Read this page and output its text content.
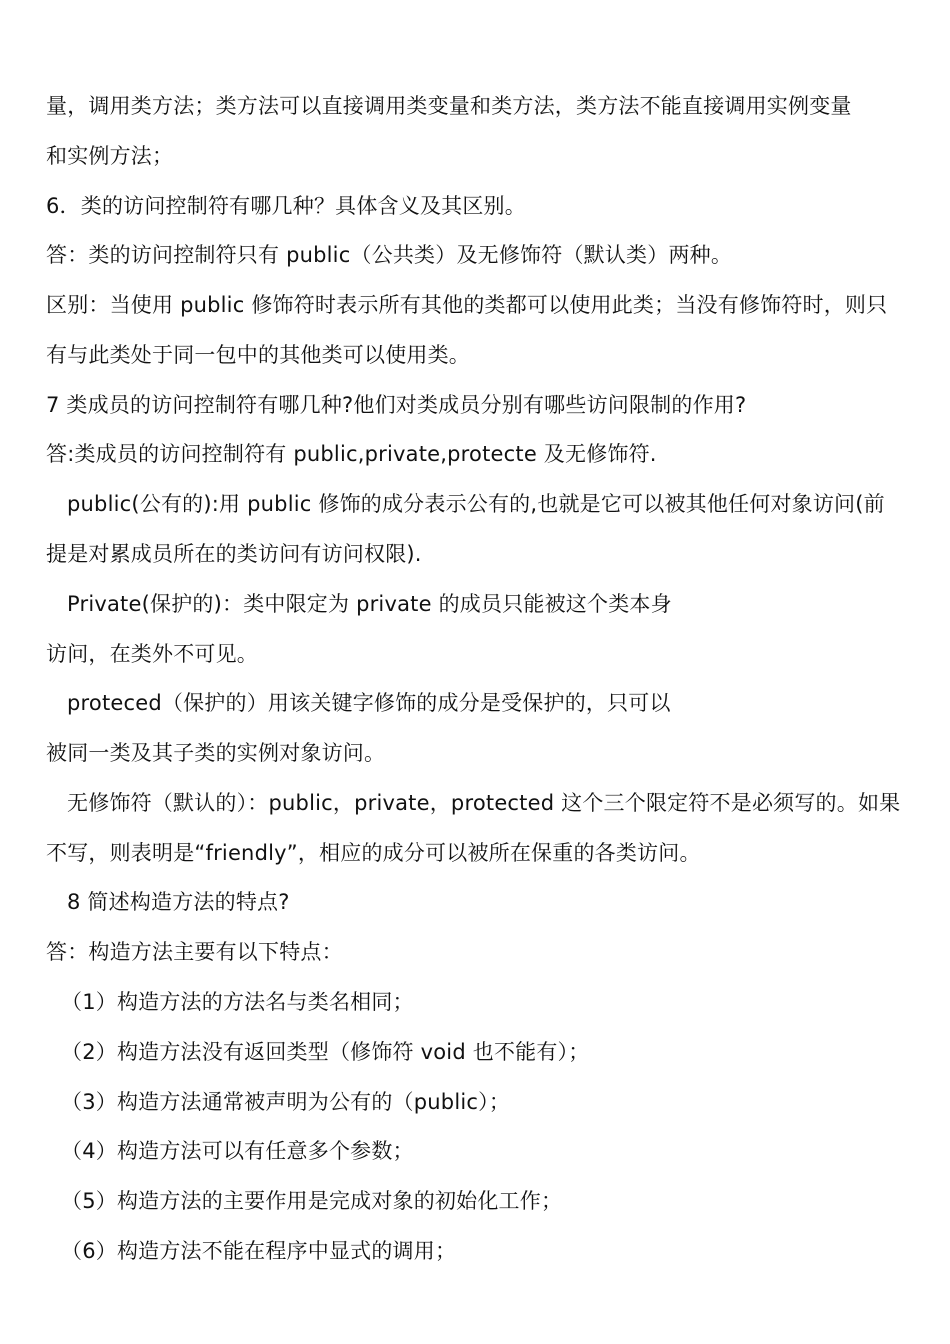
量，调用类方法；类方法可以直接调用类变量和类方法，类方法不能直接调用实例变量
和实例方法；
6．类的访问控制符有哪几种？具体含义及其区别。
答：类的访问控制符只有 public（公共类）及无修饰符（默认类）两种。
区别：当使用 public 修饰符时表示所有其他的类都可以使用此类；当没有修饰符时，则只
有与此类处于同一包中的其他类可以使用类。
7 类成员的访问控制符有哪几种?他们对类成员分别有哪些访问限制的作用?
答:类成员的访问控制符有 public,private,protecte 及无修饰符.
public(公有的):用 public 修饰的成分表示公有的,也就是它可以被其他任何对象访问(前
提是对累成员所在的类访问有访问权限).
Private(保护的)：类中限定为 private 的成员只能被这个类本身
访问，在类外不可见。
proteced（保护的）用该关键字修饰的成分是受保护的，只可以
被同一类及其子类的实例对象访问。
无修饰符（默认的）：public，private，protected 这个三个限定符不是必须写的。如果
不写，则表明是“friendly”，相应的成分可以被所在保重的各类访问。
8 简述构造方法的特点?
答：构造方法主要有以下特点：
（1）构造方法的方法名与类名相同；
（2）构造方法没有返回类型（修饰符 void 也不能有）；
（3）构造方法通常被声明为公有的（public）；
（4）构造方法可以有任意多个参数；
（5）构造方法的主要作用是完成对象的初始化工作；
（6）构造方法不能在程序中显式的调用；
